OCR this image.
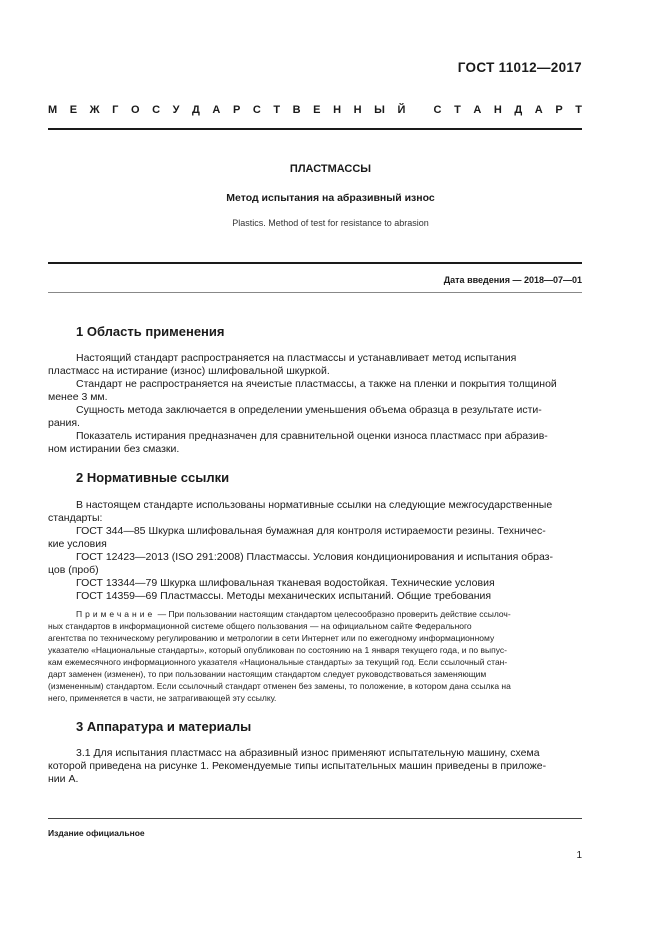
ГОСТ 11012—2017
М Е Ж Г О С У Д А Р С Т В Е Н Н Ы Й
	С Т А Н Д А Р Т
ПЛАСТМАССЫ
Метод испытания на абразивный износ
Plastics. Method of test for resistance to abrasion
Дата введения — 2018—07—01
1 Область применения
Настоящий стандарт распространяется на пластмассы и устанавливает метод испытания
пластмасс на истирание (износ) шлифовальной шкуркой.
Стандарт не распространяется на ячеистые пластмассы, а также на пленки и покрытия толщиной
менее 3 мм.
Сущность метода заключается в определении уменьшения объема образца в результате исти-
рания.
Показатель истирания предназначен для сравнительной оценки износа пластмасс при абразив-
ном истирании без смазки.
2 Нормативные ссылки
В настоящем стандарте использованы нормативные ссылки на следующие межгосударственные
стандарты:
ГОСТ 344—85 Шкурка шлифовальная бумажная для контроля истираемости резины. Техничес-
кие условия
ГОСТ 12423—2013 (ISO 291:2008) Пластмассы. Условия кондиционирования и испытания образ-
цов (проб)
ГОСТ 13344—79 Шкурка шлифовальная тканевая водостойкая. Технические условия
ГОСТ 14359—69 Пластмассы. Методы механических испытаний. Общие требования
Примечание — При пользовании настоящим стандартом целесообразно проверить действие ссылоч-
ных стандартов в информационной системе общего пользования — на официальном сайте Федерального
агентства по техническому регулированию и метрологии в сети Интернет или по ежегодному информационному
указателю «Национальные стандарты», который опубликован по состоянию на 1 января текущего года, и по выпус-
кам ежемесячного информационного указателя «Национальные стандарты» за текущий год. Если ссылочный стан-
дарт заменен (изменен), то при пользовании настоящим стандартом следует руководствоваться заменяющим
(измененным) стандартом. Если ссылочный стандарт отменен без замены, то положение, в котором дана ссылка на
него, применяется в части, не затрагивающей эту ссылку.
3 Аппаратура и материалы
3.1 Для испытания пластмасс на абразивный износ применяют испытательную машину, схема
которой приведена на рисунке 1. Рекомендуемые типы испытательных машин приведены в приложе-
нии А.
Издание официальное
1
